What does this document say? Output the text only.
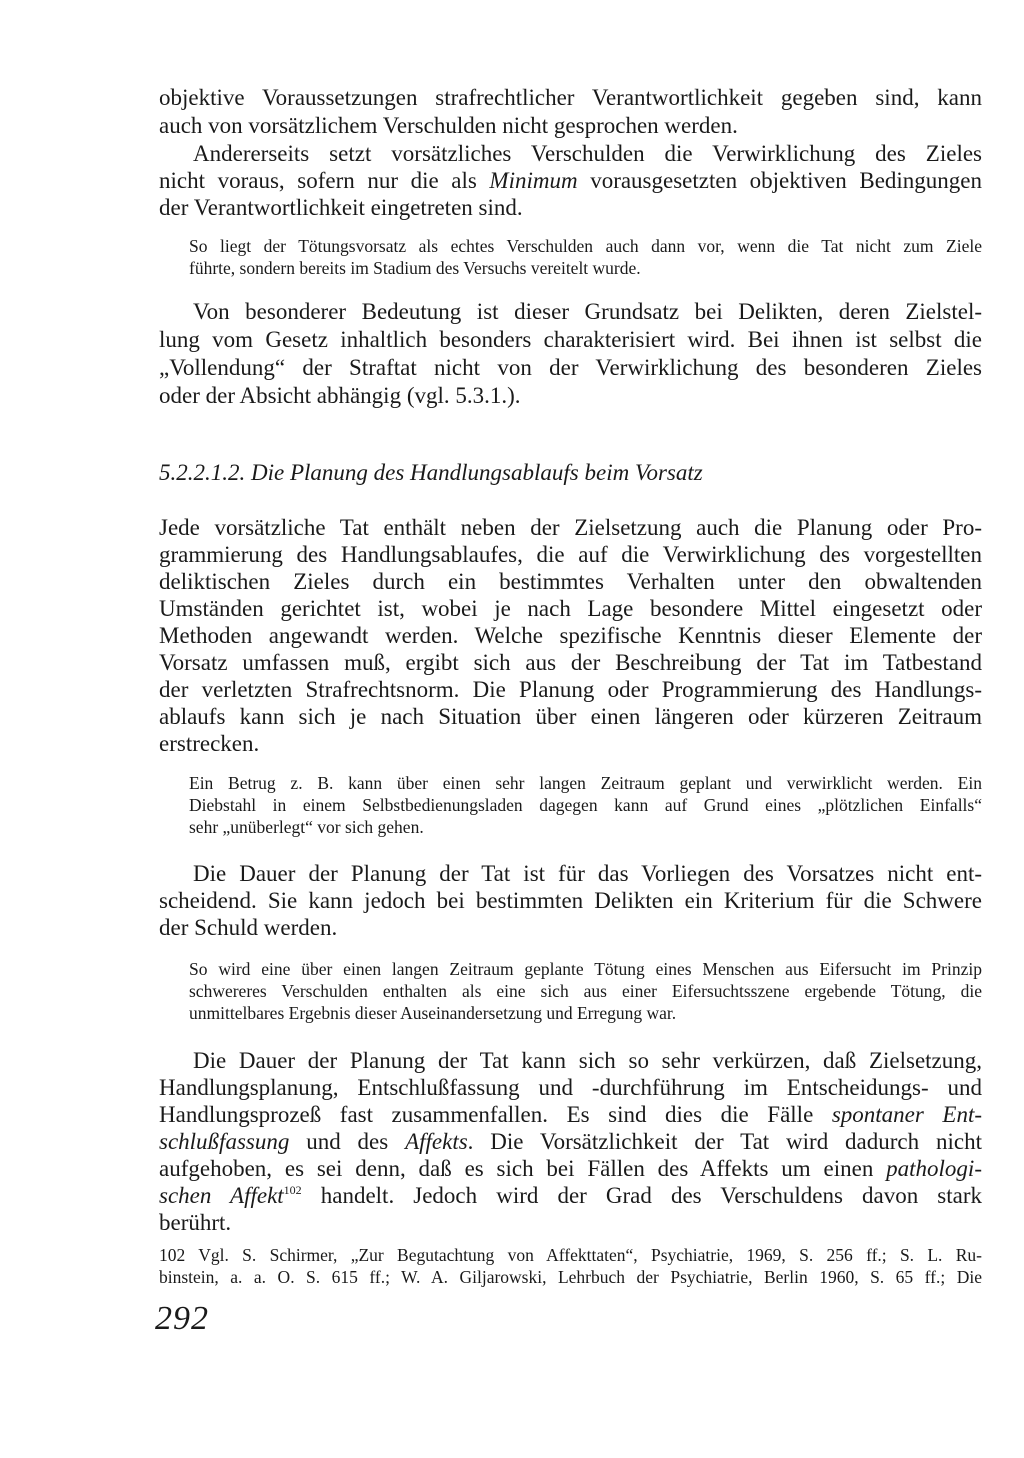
objektive Voraussetzungen strafrechtlicher Verantwortlichkeit gegeben sind, kann

auch von vorsätzlichem Verschulden nicht gesprochen werden.

Andererseits setzt vorsätzliches Verschulden die Verwirklichung des Zieles

nicht voraus, sofern nur die als Minimum vorausgesetzten objektiven Bedingungen

der Verantwortlichkeit eingetreten sind.

So liegt der Tötungsvorsatz als echtes Verschulden auch dann vor, wenn die Tat nicht zum Ziele

führte, sondern bereits im Stadium des Versuchs vereitelt wurde.

Von besonderer Bedeutung ist dieser Grundsatz bei Delikten, deren Zielstel-

lung vom Gesetz inhaltlich besonders charakterisiert wird. Bei ihnen ist selbst die

„Vollendung“ der Straftat nicht von der Verwirklichung des besonderen Zieles

oder der Absicht abhängig (vgl. 5.3.1.).

5.2.2.1.2. Die Planung des Handlungsablaufs beim Vorsatz

Jede vorsätzliche Tat enthält neben der Zielsetzung auch die Planung oder Pro-

grammierung des Handlungsablaufes, die auf die Verwirklichung des vorgestellten

deliktischen Zieles durch ein bestimmtes Verhalten unter den obwaltenden

Umständen gerichtet ist, wobei je nach Lage besondere Mittel eingesetzt oder

Methoden angewandt werden. Welche spezifische Kenntnis dieser Elemente der

Vorsatz umfassen muß, ergibt sich aus der Beschreibung der Tat im Tatbestand

der verletzten Strafrechtsnorm. Die Planung oder Programmierung des Handlungs-

ablaufs kann sich je nach Situation über einen längeren oder kürzeren Zeitraum

erstrecken.

Ein Betrug z. B. kann über einen sehr langen Zeitraum geplant und verwirklicht werden. Ein

Diebstahl in einem Selbstbedienungsladen dagegen kann auf Grund eines „plötzlichen Einfalls“

sehr „unüberlegt“ vor sich gehen.

Die Dauer der Planung der Tat ist für das Vorliegen des Vorsatzes nicht ent-

scheidend. Sie kann jedoch bei bestimmten Delikten ein Kriterium für die Schwere

der Schuld werden.

So wird eine über einen langen Zeitraum geplante Tötung eines Menschen aus Eifersucht im Prinzip

schwereres Verschulden enthalten als eine sich aus einer Eifersuchtsszene ergebende Tötung, die

unmittelbares Ergebnis dieser Auseinandersetzung und Erregung war.

Die Dauer der Planung der Tat kann sich so sehr verkürzen, daß Zielsetzung,

Handlungsplanung, Entschlußfassung und -durchführung im Entscheidungs- und

Handlungsprozeß fast zusammenfallen. Es sind dies die Fälle spontaner Ent-

schlußfassung und des Affekts. Die Vorsätzlichkeit der Tat wird dadurch nicht

aufgehoben, es sei denn, daß es sich bei Fällen des Affekts um einen pathologi-

schen Affekt$^{102}$ handelt. Jedoch wird der Grad des Verschuldens davon stark

berührt.

102 Vgl. S. Schirmer, „Zur Begutachtung von Affekttaten“, Psychiatrie, 1969, S. 256 ff.; S. L. Ru-

binstein, a. a. O. S. 615 ff.; W. A. Giljarowski, Lehrbuch der Psychiatrie, Berlin 1960, S. 65 ff.; Die

292
